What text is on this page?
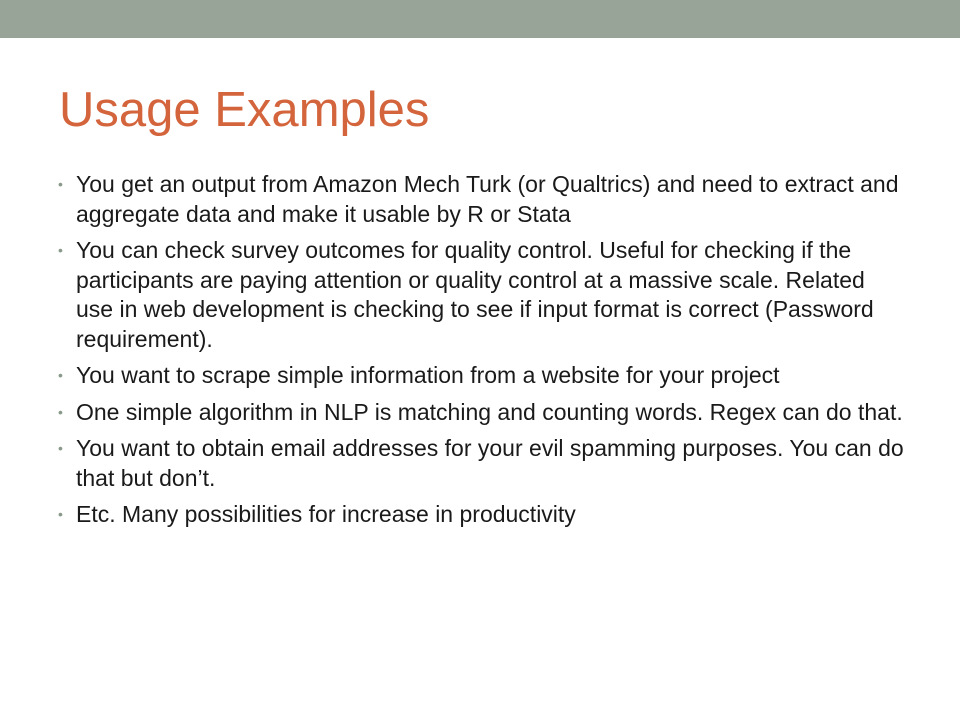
Usage Examples
• You get an output from Amazon Mech Turk (or Qualtrics) and need to extract and aggregate data and make it usable by R or Stata
• You can check survey outcomes for quality control. Useful for checking if the participants are paying attention or quality control at a massive scale. Related use in web development is checking to see if input format is correct (Password requirement).
• You want to scrape simple information from a website for your project
• One simple algorithm in NLP is matching and counting words. Regex can do that.
• You want to obtain email addresses for your evil spamming purposes. You can do that but don’t.
• Etc. Many possibilities for increase in productivity
